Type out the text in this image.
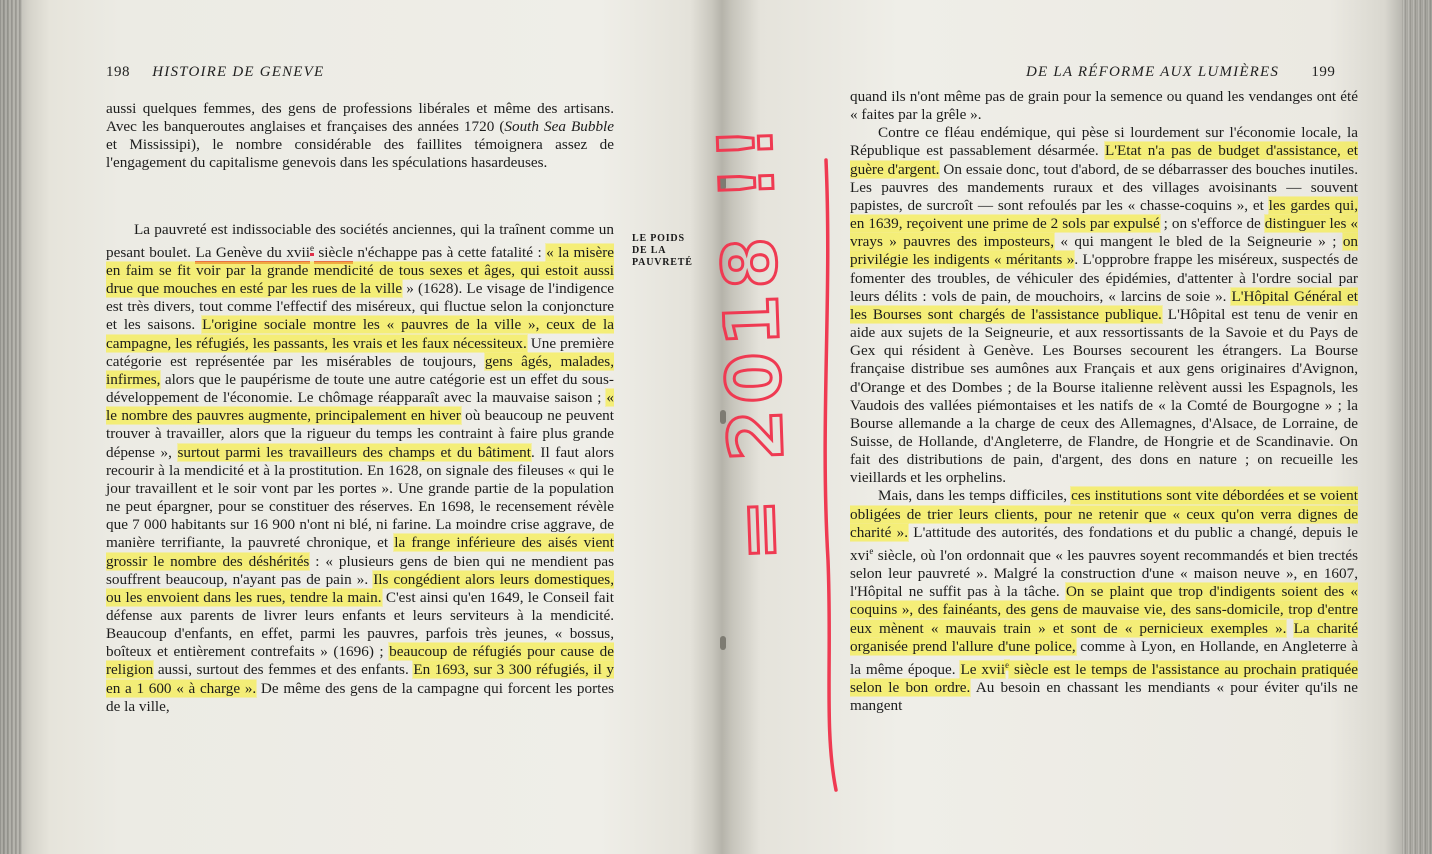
198 HISTOIRE DE GENEVE

aussi quelques femmes, des gens de professions libérales et même des artisans. Avec les banqueroutes anglaises et françaises des années 1720 (South Sea Bubble et Mississipi), le nombre considérable des faillites témoignera assez de l'engagement du capitalisme genevois dans les spéculations hasardeuses.

La pauvreté est indissociable des sociétés anciennes, qui la traînent comme un pesant boulet. La Genève du xvii$^e$ siècle n'échappe pas à cette fatalité : « la misère en faim se fit voir par la grande mendicité de tous sexes et âges, qui estoit aussi drue que mouches en esté par les rues de la ville » (1628). Le visage de l'indigence est très divers, tout comme l'effectif des miséreux, qui fluctue selon la conjoncture et les saisons. L'origine sociale montre les « pauvres de la ville », ceux de la campagne, les réfugiés, les passants, les vrais et les faux nécessiteux. Une première catégorie est représentée par les misérables de toujours, gens âgés, malades, infirmes, alors que le paupérisme de toute une autre catégorie est un effet du sous-développement de l'économie. Le chômage réapparaît avec la mauvaise saison ; « le nombre des pauvres augmente, principalement en hiver où beaucoup ne peuvent trouver à travailler, alors que la rigueur du temps les contraint à faire plus grande dépense », surtout parmi les travailleurs des champs et du bâtiment. Il faut alors recourir à la mendicité et à la prostitution. En 1628, on signale des fileuses « qui le jour travaillent et le soir vont par les portes ». Une grande partie de la population ne peut épargner, pour se constituer des réserves. En 1698, le recensement révèle que 7 000 habitants sur 16 900 n'ont ni blé, ni farine. La moindre crise aggrave, de manière terrifiante, la pauvreté chronique, et la frange inférieure des aisés vient grossir le nombre des déshérités : « plusieurs gens de bien qui ne mendient pas souffrent beaucoup, n'ayant pas de pain ». Ils congédient alors leurs domestiques, ou les envoient dans les rues, tendre la main. C'est ainsi qu'en 1649, le Conseil fait défense aux parents de livrer leurs enfants et leurs serviteurs à la mendicité. Beaucoup d'enfants, en effet, parmi les pauvres, parfois très jeunes, « bossus, boîteux et entièrement contrefaits » (1696) ; beaucoup de réfugiés pour cause de religion aussi, surtout des femmes et des enfants. En 1693, sur 3 300 réfugiés, il y en a 1 600 « à charge ». De même des gens de la campagne qui forcent les portes de la ville,

LE POIDS DE LA PAUVRETÉ
DE LA RÉFORME AUX LUMIÈRES 199

quand ils n'ont même pas de grain pour la semence ou quand les vendanges ont été « faites par la grêle ».

Contre ce fléau endémique, qui pèse si lourdement sur l'économie locale, la République est passablement désarmée. L'Etat n'a pas de budget d'assistance, et guère d'argent. On essaie donc, tout d'abord, de se débarrasser des bouches inutiles. Les pauvres des mandements ruraux et des villages avoisinants — souvent papistes, de surcroît — sont refoulés par les « chasse-coquins », et les gardes qui, en 1639, reçoivent une prime de 2 sols par expulsé ; on s'efforce de distinguer les « vrays » pauvres des imposteurs, « qui mangent le bled de la Seigneurie » ; on privilégie les indigents « méritants ». L'opprobre frappe les miséreux, suspectés de fomenter des troubles, de véhiculer des épidémies, d'attenter à l'ordre social par leurs délits : vols de pain, de mouchoirs, « larcins de soie ». L'Hôpital Général et les Bourses sont chargés de l'assistance publique. L'Hôpital est tenu de venir en aide aux sujets de la Seigneurie, et aux ressortissants de la Savoie et du Pays de Gex qui résident à Genève. Les Bourses secourent les étrangers. La Bourse française distribue ses aumônes aux Français et aux gens originaires d'Avignon, d'Orange et des Dombes ; de la Bourse italienne relèvent aussi les Espagnols, les Vaudois des vallées piémontaises et les natifs de « la Comté de Bourgogne » ; la Bourse allemande a la charge de ceux des Allemagnes, d'Alsace, de Lorraine, de Suisse, de Hollande, d'Angleterre, de Flandre, de Hongrie et de Scandinavie. On fait des distributions de pain, d'argent, des dons en nature ; on recueille les vieillards et les orphelins.

Mais, dans les temps difficiles, ces institutions sont vite débordées et se voient obligées de trier leurs clients, pour ne retenir que « ceux qu'on verra dignes de charité ». L'attitude des autorités, des fondations et du public a changé, depuis le xvi$^e$ siècle, où l'on ordonnait que « les pauvres soyent recommandés et bien trectés selon leur pauvreté ». Malgré la construction d'une « maison neuve », en 1607, l'Hôpital ne suffit pas à la tâche. On se plaint que trop d'indigents soient des « coquins », des fainéants, des gens de mauvaise vie, des sans-domicile, trop d'entre eux mènent « mauvais train » et sont de « pernicieux exemples ». La charité organisée prend l'allure d'une police, comme à Lyon, en Hollande, en Angleterre à la même époque. Le xvii$^e$ siècle est le temps de l'assistance au prochain pratiquée selon le bon ordre. Au besoin en chassant les mendiants « pour éviter qu'ils ne mangent

= 2018 !!
